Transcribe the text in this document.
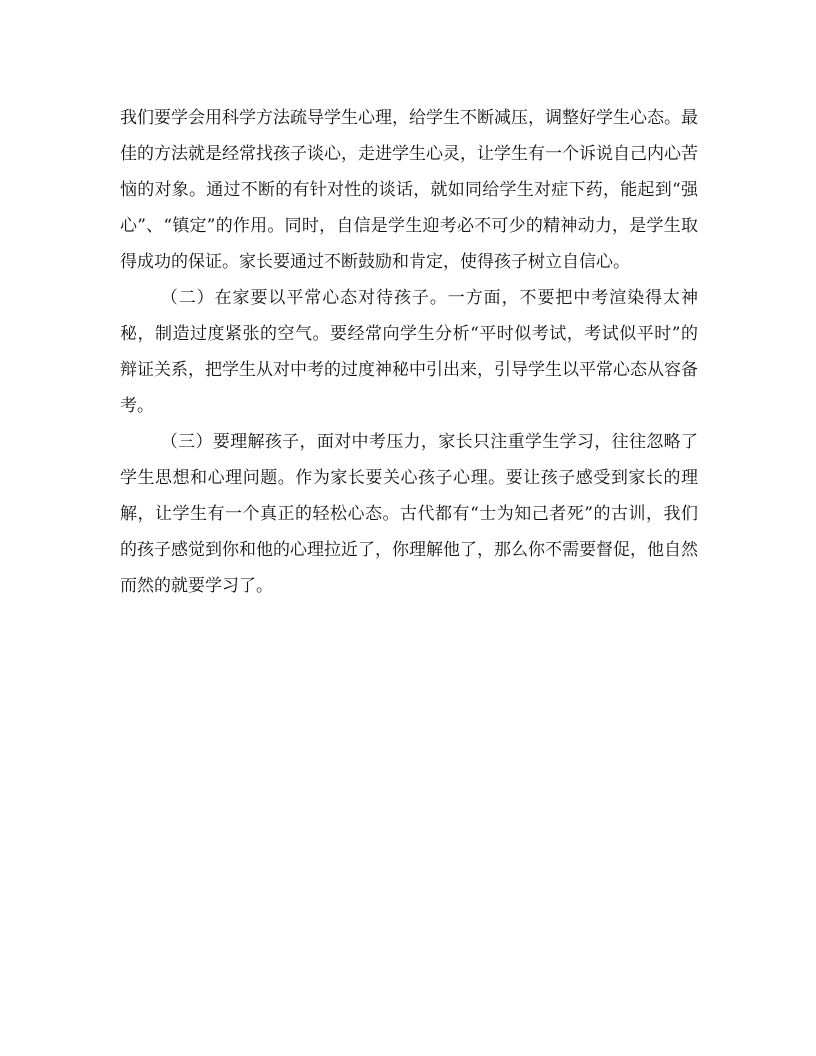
我们要学会用科学方法疏导学生心理，给学生不断减压，调整好学生心态。最佳的方法就是经常找孩子谈心，走进学生心灵，让学生有一个诉说自己内心苦恼的对象。通过不断的有针对性的谈话，就如同给学生对症下药，能起到“强心”、“镇定”的作用。同时，自信是学生迎考必不可少的精神动力，是学生取得成功的保证。家长要通过不断鼓励和肯定，使得孩子树立自信心。

（二）在家要以平常心态对待孩子。一方面，不要把中考渲染得太神秘，制造过度紧张的空气。要经常向学生分析“平时似考试，考试似平时”的辩证关系，把学生从对中考的过度神秘中引出来，引导学生以平常心态从容备考。

（三）要理解孩子，面对中考压力，家长只注重学生学习，往往忽略了学生思想和心理问题。作为家长要关心孩子心理。要让孩子感受到家长的理解，让学生有一个真正的轻松心态。古代都有“士为知己者死”的古训，我们的孩子感觉到你和他的心理拉近了，你理解他了，那么你不需要督促，他自然而然的就要学习了。
